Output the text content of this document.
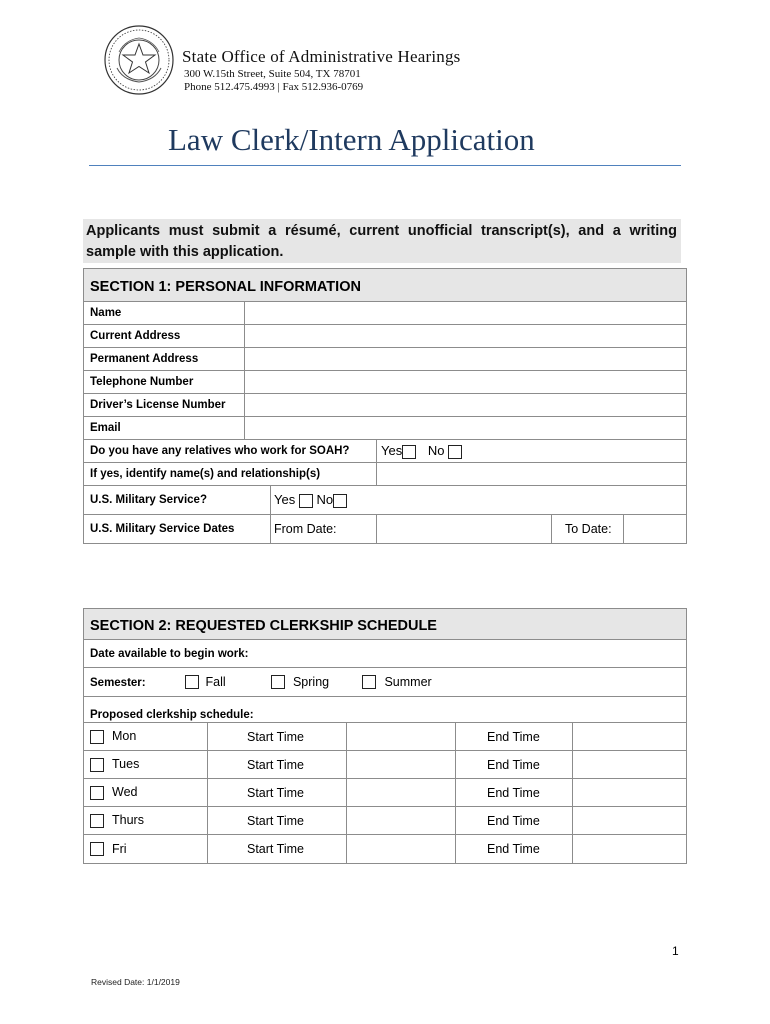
State Office of Administrative Hearings
300 W.15th Street, Suite 504, TX 78701
Phone 512.475.4993 | Fax 512.936-0769
Law Clerk/Intern Application
Applicants must submit a résumé, current unofficial transcript(s), and a writing sample with this application.
SECTION 1: PERSONAL INFORMATION					
Name					
Current Address					
Permanent Address					
Telephone Number					
Driver’s License Number					
Email					
Do you have any relatives who work for SOAH?			Yes No		
If yes, identify name(s) and relationship(s)					
U.S. Military Service?		Yes No			
U.S. Military Service Dates		From Date:		To Date:	
SECTION 2: REQUESTED CLERKSHIP SCHEDULE				
Date available to begin work:				
Semester: Fall Spring Summer				
Proposed clerkship schedule:				
Mon	Start Time		End Time	
Tues	Start Time		End Time	
Wed	Start Time		End Time	
Thurs	Start Time		End Time	
Fri	Start Time		End Time	
1
Revised Date: 1/1/2019
